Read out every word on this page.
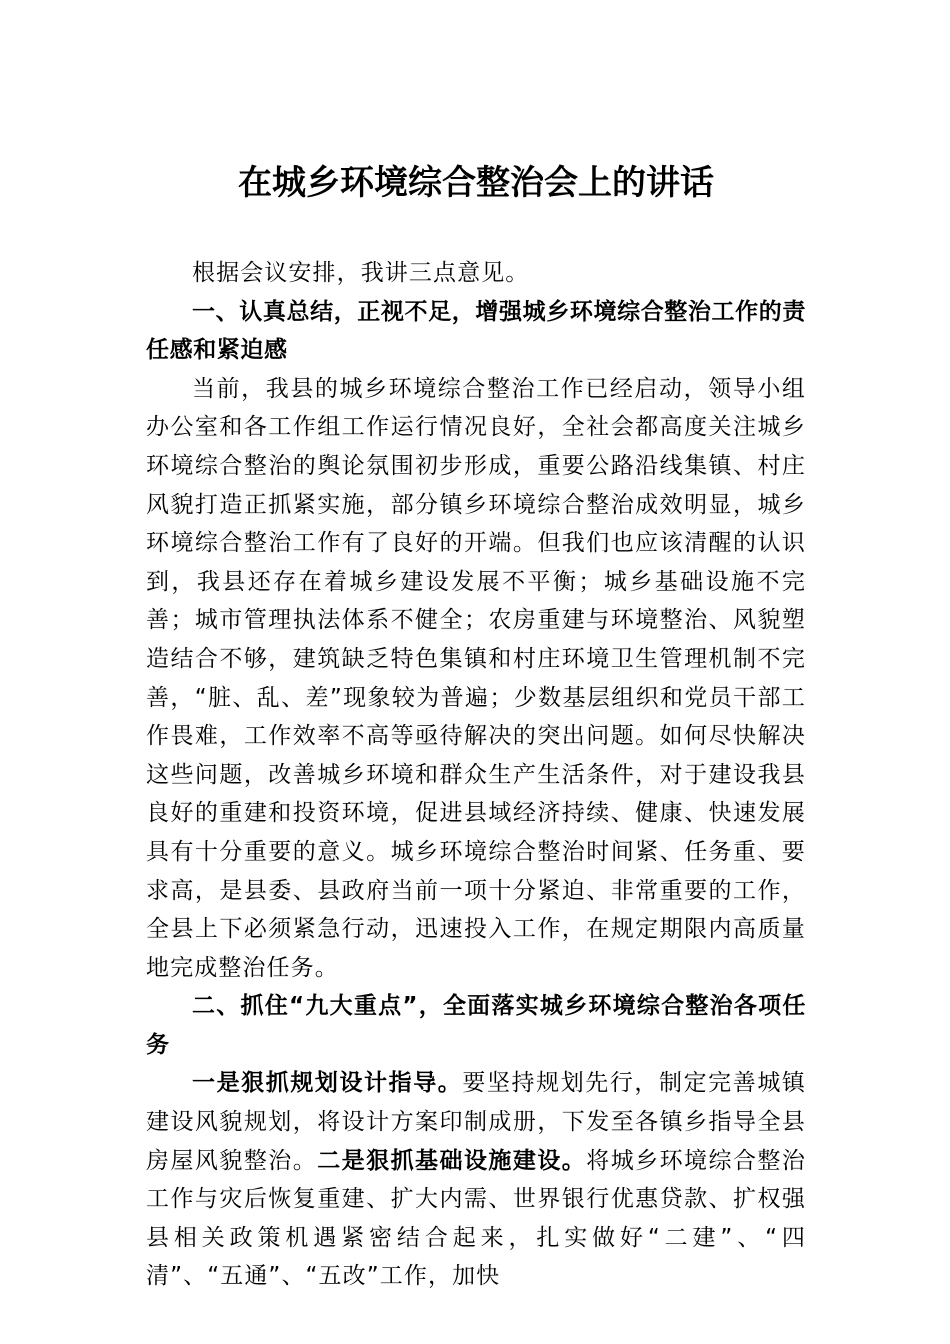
在城乡环境综合整治会上的讲话

根据会议安排，我讲三点意见。

一、认真总结，正视不足，增强城乡环境综合整治工作的责任感和紧迫感

当前，我县的城乡环境综合整治工作已经启动，领导小组办公室和各工作组工作运行情况良好，全社会都高度关注城乡环境综合整治的舆论氛围初步形成，重要公路沿线集镇、村庄风貌打造正抓紧实施，部分镇乡环境综合整治成效明显，城乡环境综合整治工作有了良好的开端。但我们也应该清醒的认识到，我县还存在着城乡建设发展不平衡；城乡基础设施不完善；城市管理执法体系不健全；农房重建与环境整治、风貌塑造结合不够，建筑缺乏特色集镇和村庄环境卫生管理机制不完善，“脏、乱、差”现象较为普遍；少数基层组织和党员干部工作畏难，工作效率不高等亟待解决的突出问题。如何尽快解决这些问题，改善城乡环境和群众生产生活条件，对于建设我县良好的重建和投资环境，促进县域经济持续、健康、快速发展具有十分重要的意义。城乡环境综合整治时间紧、任务重、要求高，是县委、县政府当前一项十分紧迫、非常重要的工作，全县上下必须紧急行动，迅速投入工作，在规定期限内高质量地完成整治任务。

二、抓住“九大重点”，全面落实城乡环境综合整治各项任务

一是狠抓规划设计指导。要坚持规划先行，制定完善城镇建设风貌规划，将设计方案印制成册，下发至各镇乡指导全县房屋风貌整治。二是狠抓基础设施建设。将城乡环境综合整治工作与灾后恢复重建、扩大内需、世界银行优惠贷款、扩权强县相关政策机遇紧密结合起来，扎实做好“二建”、“四清”、“五通”、“五改”工作，加快
